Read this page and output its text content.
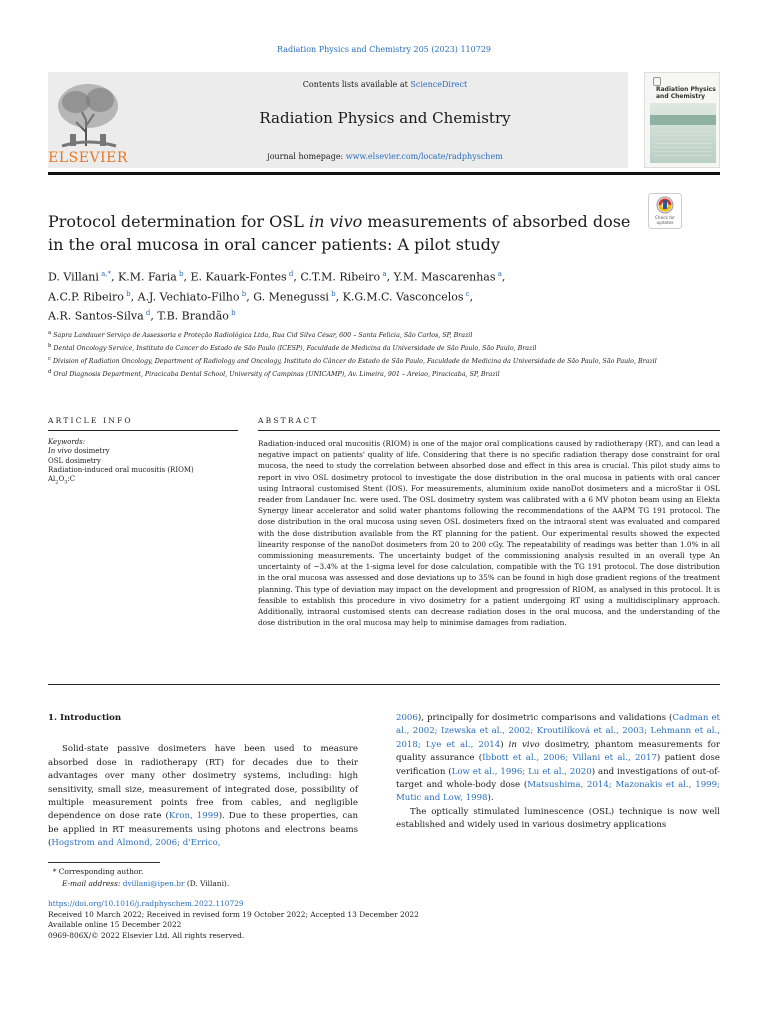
Radiation Physics and Chemistry 205 (2023) 110729
ELSEVIER
Contents lists available at ScienceDirect
Radiation Physics and Chemistry
journal homepage: www.elsevier.com/locate/radphyschem
Radiation Physics and Chemistry
Protocol determination for OSL in vivo measurements of absorbed dose in the oral mucosa in oral cancer patients: A pilot study
Check for
updates
D. Villani $^{a,*}$, K.M. Faria $^b$, E. Kauark-Fontes $^d$, C.T.M. Ribeiro $^a$, Y.M. Mascarenhas $^a$,
A.C.P. Ribeiro $^b$, A.J. Vechiato-Filho $^b$, G. Menegussi $^b$, K.G.M.C. Vasconcelos $^c$,
A.R. Santos-Silva $^d$, T.B. Brandão $^b$
$^a$ Sapra Landauer Serviço de Assessoria e Proteção Radiológica Ltda, Rua Cid Silva César, 600 – Santa Felicia, São Carlos, SP, Brazil
$^b$ Dental Oncology Service, Instituto do Cancer do Estado de São Paulo (ICESP), Faculdade de Medicina da Universidade de São Paulo, São Paulo, Brazil
$^c$ Division of Radiation Oncology, Department of Radiology and Oncology, Instituto do Câncer do Estado de São Paulo, Faculdade de Medicina da Universidade de São Paulo, São Paulo, Brazil
$^d$ Oral Diagnosis Department, Piracicaba Dental School, University of Campinas (UNICAMP), Av. Limeira, 901 – Areiao, Piracicaba, SP, Brazil
ARTICLE INFO	ABSTRACT
Keywords:
In vivo dosimetry
OSL dosimetry
Radiation-induced oral mucositis (RIOM)
$Al_2O_3:C$
Radiation-induced oral mucositis (RIOM) is one of the major oral complications caused by radiotherapy (RT), and can lead a negative impact on patients' quality of life. Considering that there is no specific radiation therapy dose constraint for oral mucosa, the need to study the correlation between absorbed dose and effect in this area is crucial. This pilot study aims to report in vivo OSL dosimetry protocol to investigate the dose distribution in the oral mucosa in patients with oral cancer using Intraoral customised Stent (IOS). For measurements, aluminium oxide nanoDot dosimeters and a microStar ii OSL reader from Landauer Inc. were used. The OSL dosimetry system was calibrated with a 6 MV photon beam using an Elekta Synergy linear accelerator and solid water phantoms following the recommendations of the AAPM TG 191 protocol. The dose distribution in the oral mucosa using seven OSL dosimeters fixed on the intraoral stent was evaluated and compared with the dose distribution available from the RT planning for the patient. Our experimental results showed the expected linearity response of the nanoDot dosimeters from 20 to 200 cGy. The repeatability of readings was better than 1.0% in all commissioning measurements. The uncertainty budget of the commissioning analysis resulted in an overall type An uncertainty of −3.4% at the 1-sigma level for dose calculation, compatible with the TG 191 protocol. The dose distribution in the oral mucosa was assessed and dose deviations up to 35% can be found in high dose gradient regions of the treatment planning. This type of deviation may impact on the development and progression of RIOM, as analysed in this protocol. It is feasible to establish this procedure in vivo dosimetry for a patient undergoing RT using a multidisciplinary approach. Additionally, intraoral customised stents can decrease radiation doses in the oral mucosa, and the understanding of the dose distribution in the oral mucosa may help to minimise damages from radiation.

1. Introduction

Solid-state passive dosimeters have been used to measure absorbed dose in radiotherapy (RT) for decades due to their advantages over many other dosimetry systems, including: high sensitivity, small size, measurement of integrated dose, possibility of multiple measurement points free from cables, and negligible dependence on dose rate (Kron, 1999). Due to these properties, can be applied in RT measurements using photons and electrons beams (Hogstrom and Almond, 2006; d'Errico,

2006), principally for dosimetric comparisons and validations (Cadman et al., 2002; Izewska et al., 2002; Kroutilíková et al., 2003; Lehmann et al., 2018; Lye et al., 2014) in vivo dosimetry, phantom measurements for quality assurance (Ibbott et al., 2006; Villani et al., 2017) patient dose verification (Low et al., 1996; Lu et al., 2020) and investigations of out-of-target and whole-body dose (Matsushima, 2014; Mazonakis et al., 1999; Mutic and Low, 1998).

The optically stimulated luminescence (OSL) technique is now well established and widely used in various dosimetry applications

* Corresponding author.
E-mail address: dvillani@ipen.br (D. Villani).
https://doi.org/10.1016/j.radphyschem.2022.110729
Received 10 March 2022; Received in revised form 19 October 2022; Accepted 13 December 2022
Available online 15 December 2022
0969-806X/© 2022 Elsevier Ltd. All rights reserved.
